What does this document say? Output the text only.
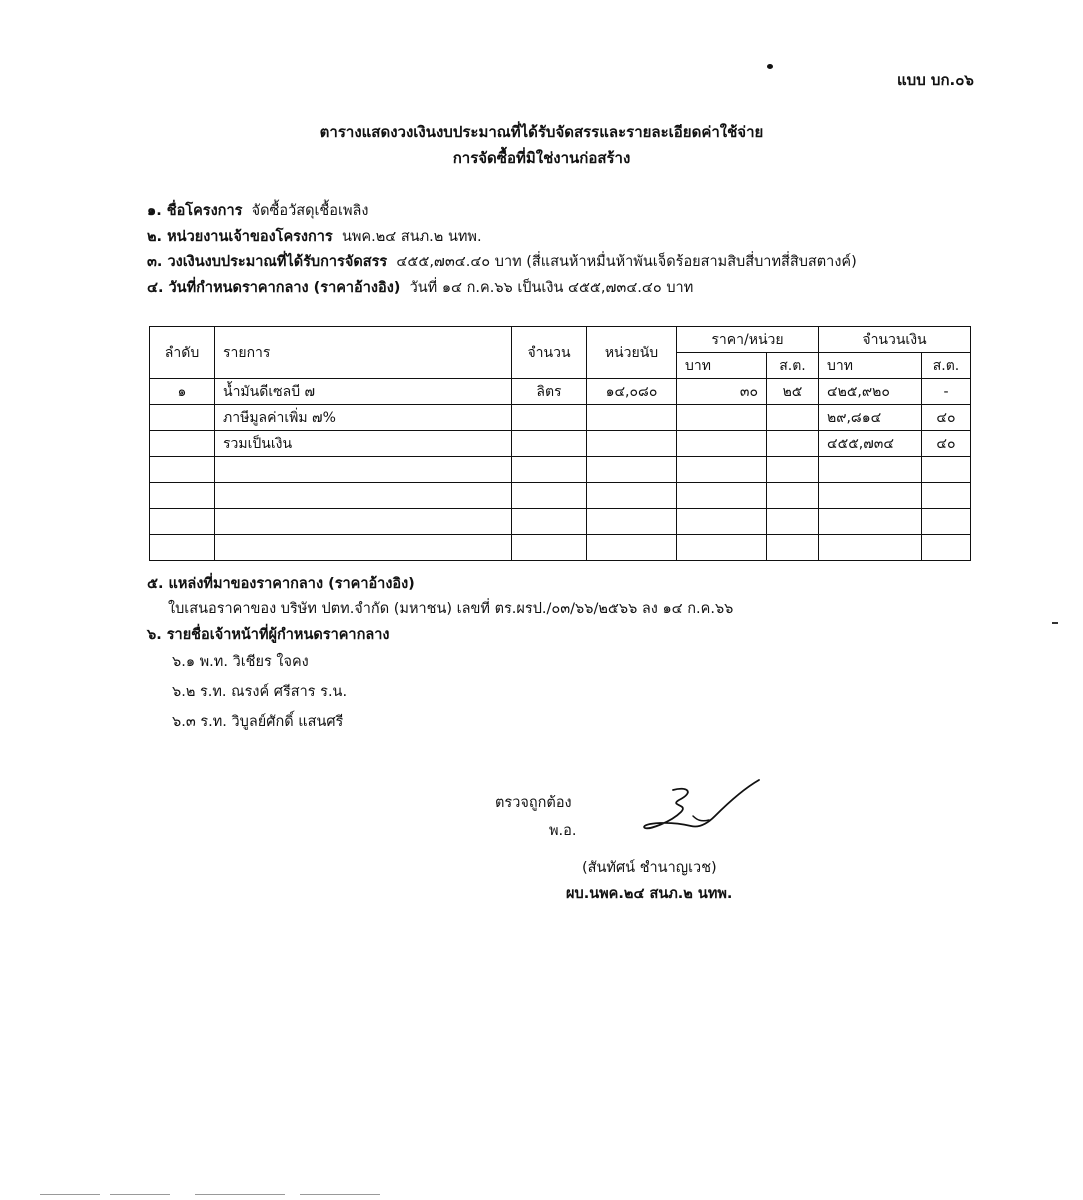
แบบ บก.๐๖
ตารางแสดงวงเงินงบประมาณที่ได้รับจัดสรรและรายละเอียดค่าใช้จ่าย
การจัดซื้อที่มิใช่งานก่อสร้าง
๑. ชื่อโครงการ จัดซื้อวัสดุเชื้อเพลิง
๒. หน่วยงานเจ้าของโครงการ นพค.๒๔ สนภ.๒ นทพ.
๓. วงเงินงบประมาณที่ได้รับการจัดสรร ๔๕๕,๗๓๔.๔๐ บาท (สี่แสนห้าหมื่นห้าพันเจ็ดร้อยสามสิบสี่บาทสี่สิบสตางค์)
๔. วันที่กำหนดราคากลาง (ราคาอ้างอิง) วันที่ ๑๔ ก.ค.๖๖ เป็นเงิน ๔๕๕,๗๓๔.๔๐ บาท
ลำดับ	รายการ	จำนวน	หน่วยนับ	ราคา/หน่วย		จำนวนเงิน	
				บาท	ส.ต.	บาท	ส.ต.
๑	น้ำมันดีเซลบี ๗	ลิตร	๑๔,๐๘๐	๓๐	๒๕	๔๒๕,๙๒๐	-
	ภาษีมูลค่าเพิ่ม ๗%					๒๙,๘๑๔	๔๐
	รวมเป็นเงิน					๔๕๕,๗๓๔	๔๐

๕. แหล่งที่มาของราคากลาง (ราคาอ้างอิง)
ใบเสนอราคาของ บริษัท ปตท.จำกัด (มหาชน) เลขที่ ตร.ผรป./๐๓/๖๖/๒๕๖๖ ลง ๑๔ ก.ค.๖๖
๖. รายชื่อเจ้าหน้าที่ผู้กำหนดราคากลาง
๖.๑ พ.ท. วิเชียร ใจคง
๖.๒ ร.ท. ณรงค์ ศรีสาร ร.น.
๖.๓ ร.ท. วิบูลย์ศักดิ์ แสนศรี
ตรวจถูกต้อง
พ.อ.
(สันทัศน์ ชำนาญเวช)
ผบ.นพค.๒๔ สนภ.๒ นทพ.
